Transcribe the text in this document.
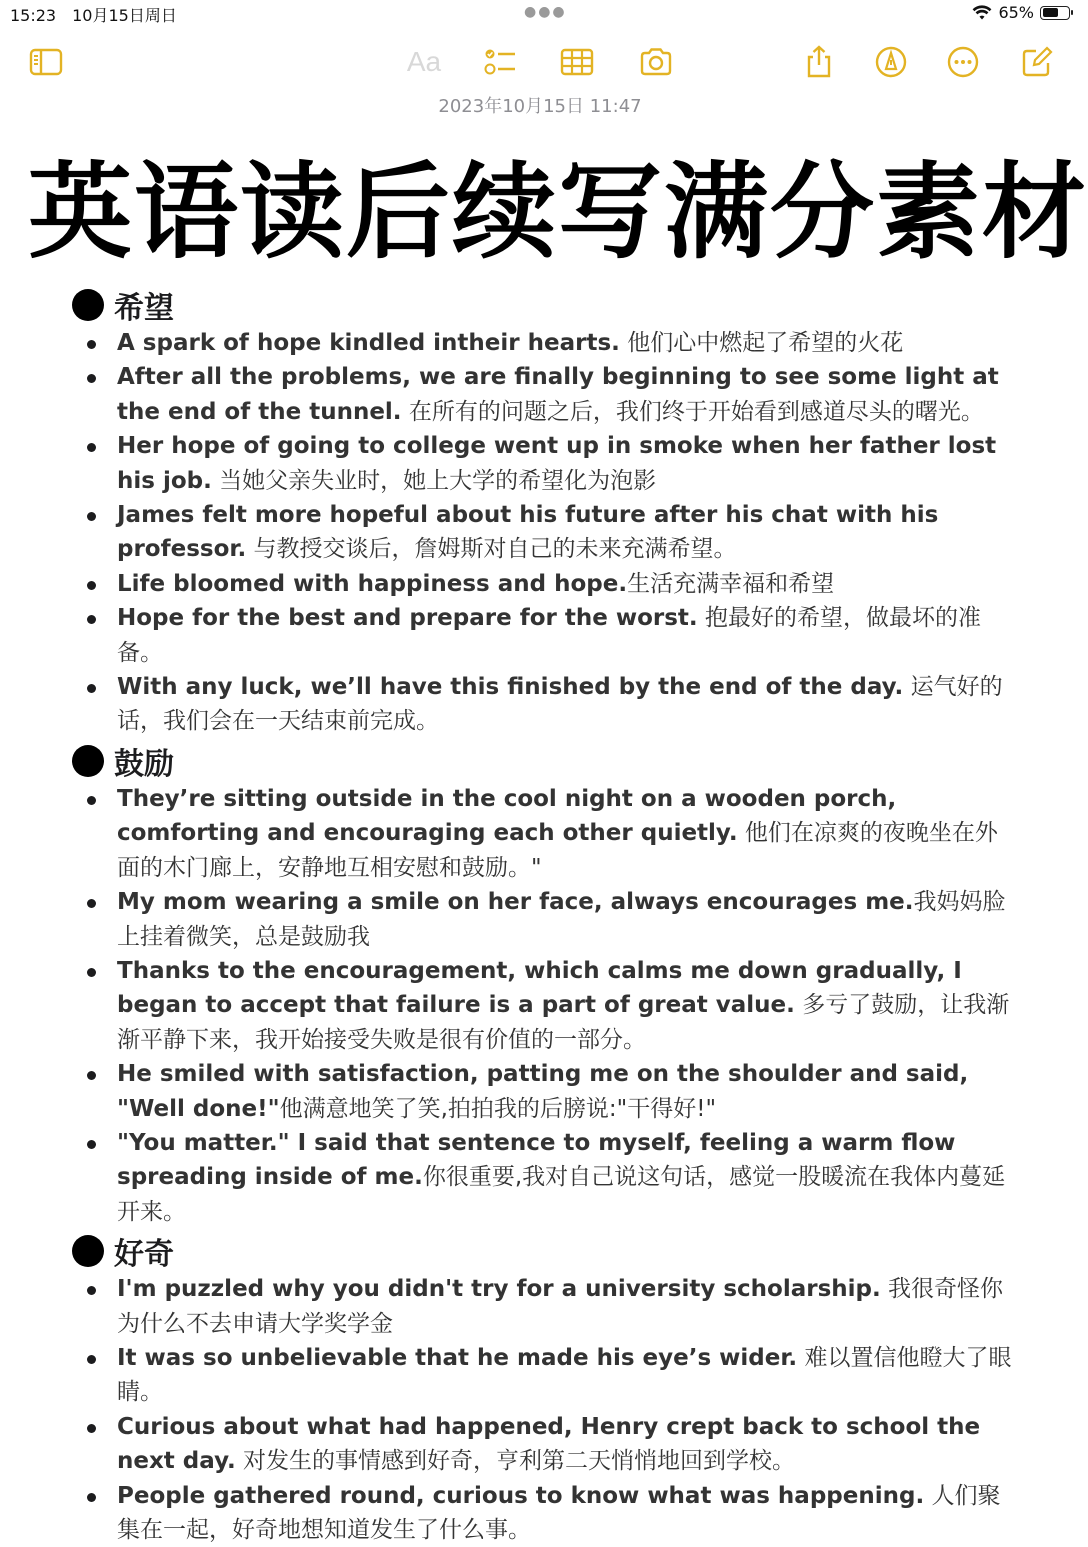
15:23 10月15日周日	●●●	65%
Aa
2023年10月15日 11:47
英语读后续写满分素材
希望
A spark of hope kindled intheir hearts. 他们心中燃起了希望的火花
After all the problems, we are finally beginning to see some light at the end of the tunnel. 在所有的问题之后，我们终于开始看到感道尽头的曙光。
Her hope of going to college went up in smoke when her father lost his job. 当她父亲失业时，她上大学的希望化为泡影
James felt more hopeful about his future after his chat with his professor. 与教授交谈后，詹姆斯对自己的未来充满希望。
Life bloomed with happiness and hope.生活充满幸福和希望
Hope for the best and prepare for the worst. 抱最好的希望，做最坏的准备。
With any luck, we’ll have this finished by the end of the day. 运气好的话，我们会在一天结束前完成。
鼓励
They’re sitting outside in the cool night on a wooden porch, comforting and encouraging each other quietly. 他们在凉爽的夜晚坐在外面的木门廊上，安静地互相安慰和鼓励。"
My mom wearing a smile on her face, always encourages me.我妈妈脸上挂着微笑，总是鼓励我
Thanks to the encouragement, which calms me down gradually, I began to accept that failure is a part of great value. 多亏了鼓励，让我渐渐平静下来，我开始接受失败是很有价值的一部分。
He smiled with satisfaction, patting me on the shoulder and said, "Well done!"他满意地笑了笑,拍拍我的后膀说:"干得好!"
"You matter." I said that sentence to myself, feeling a warm flow spreading inside of me.你很重要,我对自己说这句话，感觉一股暖流在我体内蔓延开来。
好奇
I'm puzzled why you didn't try for a university scholarship. 我很奇怪你为什么不去申请大学奖学金
It was so unbelievable that he made his eye’s wider. 难以置信他瞪大了眼睛。
Curious about what had happened, Henry crept back to school the next day. 对发生的事情感到好奇，亨利第二天悄悄地回到学校。
People gathered round, curious to know what was happening. 人们聚集在一起，好奇地想知道发生了什么事。
